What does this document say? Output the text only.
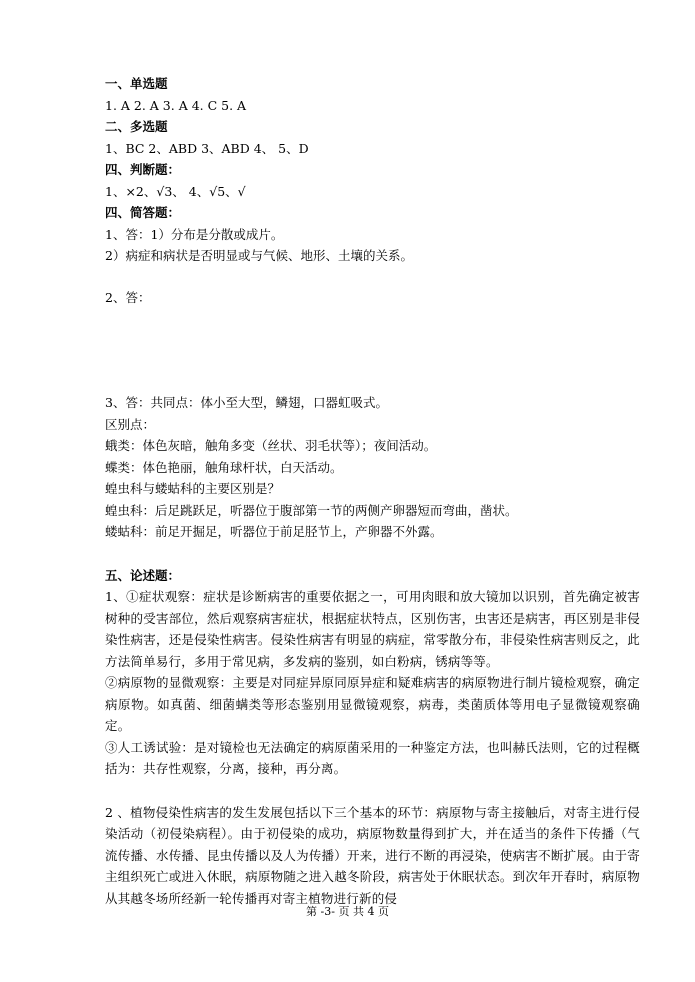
一、单选题
1. A 2. A 3. A 4. C 5. A
二、多选题
1、BC 2、ABD 3、ABD 4、 5、D
四、判断题：
1、×2、√3、 4、√5、√
四、简答题：
1、答：1）分布是分散或成片。
2）病症和病状是否明显或与气候、地形、土壤的关系。
2、答：
3、答：共同点：体小至大型，鳞翅，口器虹吸式。
区别点：
蛾类：体色灰暗，触角多变（丝状、羽毛状等）；夜间活动。
蝶类：体色艳丽，触角球杆状，白天活动。
蝗虫科与蝼蛄科的主要区别是？
蝗虫科：后足跳跃足，听器位于腹部第一节的两侧产卵器短而弯曲，凿状。
蝼蛄科：前足开掘足，听器位于前足胫节上，产卵器不外露。
五、论述题：
1、①症状观察：症状是诊断病害的重要依据之一，可用肉眼和放大镜加以识别，首先确定被害树种的受害部位，然后观察病害症状，根据症状特点，区别伤害，虫害还是病害，再区别是非侵染性病害，还是侵染性病害。侵染性病害有明显的病症，常零散分布，非侵染性病害则反之，此方法简单易行，多用于常见病，多发病的鉴别，如白粉病，锈病等等。
②病原物的显微观察：主要是对同症异原同原异症和疑难病害的病原物进行制片镜检观察，确定病原物。如真菌、细菌螨类等形态鉴别用显微镜观察，病毒，类菌质体等用电子显微镜观察确定。
③人工诱试验：是对镜检也无法确定的病原菌采用的一种鉴定方法，也叫赫氏法则，它的过程概括为：共存性观察，分离，接种，再分离。
2 、植物侵染性病害的发生发展包括以下三个基本的环节：病原物与寄主接触后，对寄主进行侵染活动（初侵染病程）。由于初侵染的成功，病原物数量得到扩大，并在适当的条件下传播（气流传播、水传播、昆虫传播以及人为传播）开来，进行不断的再浸染，使病害不断扩展。由于寄主组织死亡或进入休眠，病原物随之进入越冬阶段，病害处于休眠状态。到次年开春时，病原物从其越冬场所经新一轮传播再对寄主植物进行新的侵
第 -3- 页 共 4 页
